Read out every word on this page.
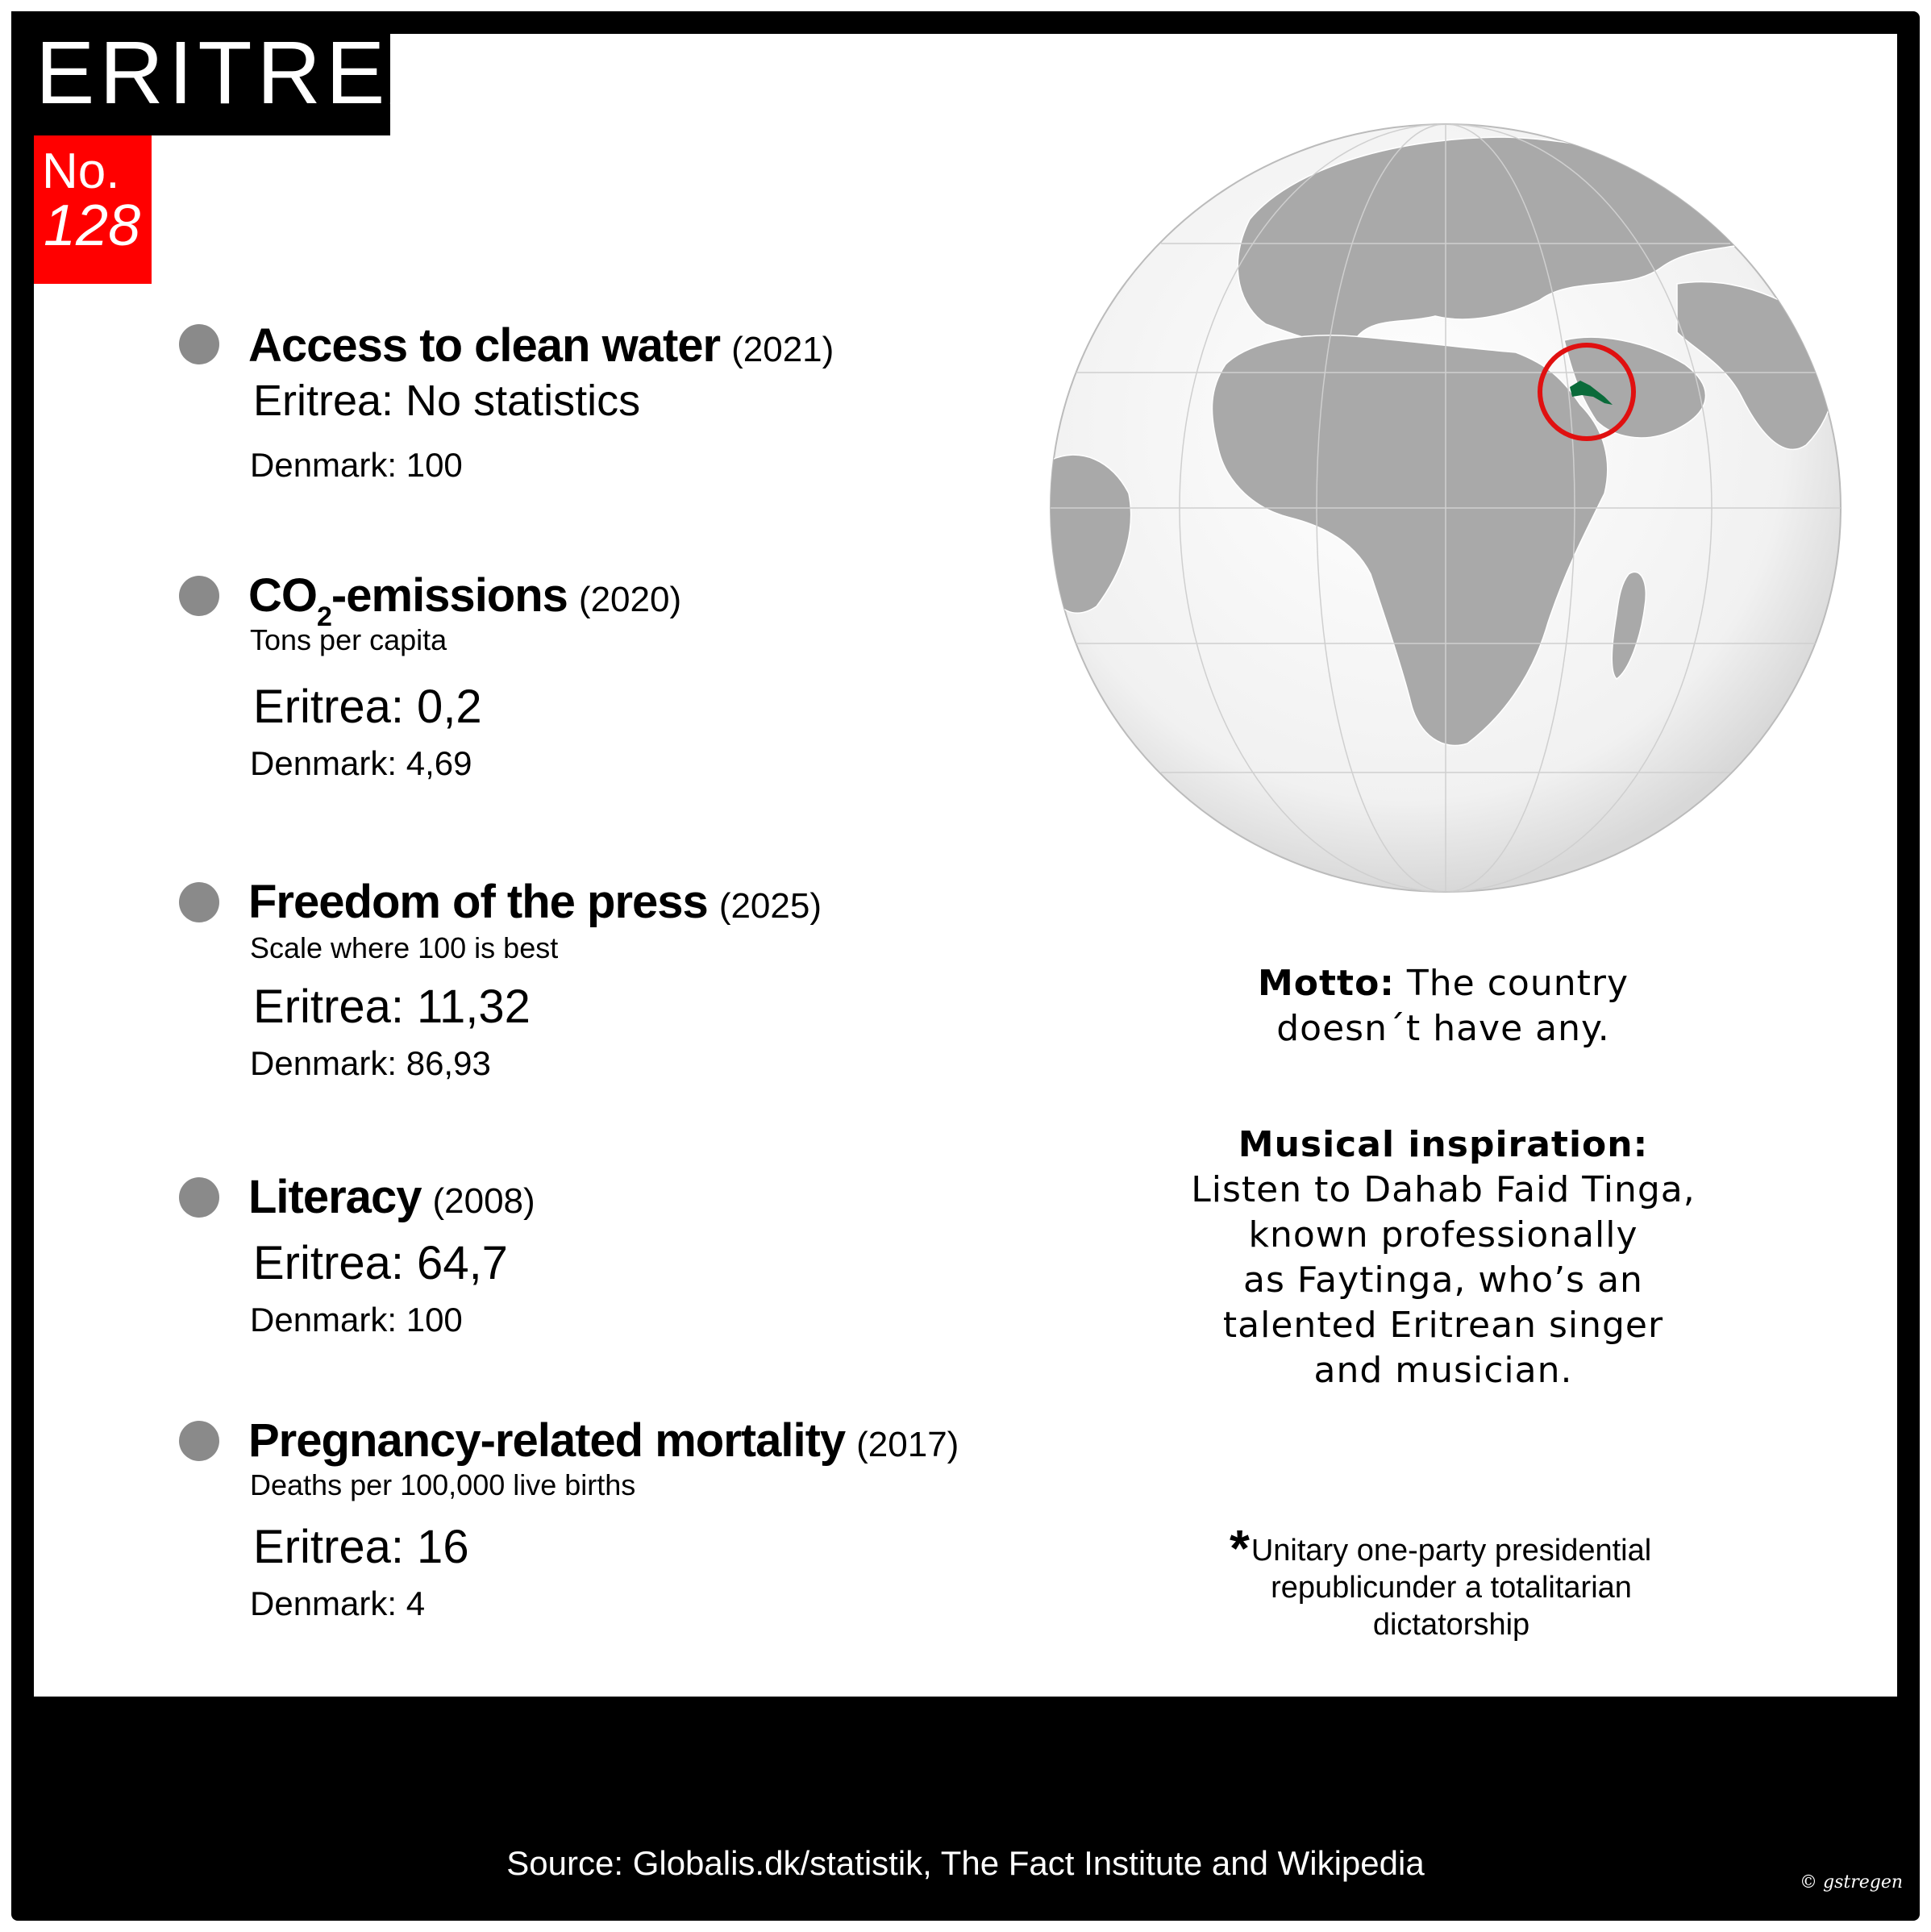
ERITREA
No.
128
Access to clean water (2021)
Eritrea: No statistics
Denmark: 100
$CO_2$-emissions (2020)
Tons per capita
Eritrea: 0,2
Denmark: 4,69
Freedom of the press (2025)
Scale where 100 is best
Eritrea: 11,32
Denmark: 86,93
Literacy (2008)
Eritrea: 64,7
Denmark: 100
Pregnancy-related mortality (2017)
Deaths per 100,000 live births
Eritrea: 16
Denmark: 4
Motto: The country
doesn´t have any.
Musical inspiration:
Listen to Dahab Faid Tinga,
known professionally
as Faytinga, who’s an
talented Eritrean singer
and musician.
* Unitary one-party presidential
republicunder a totalitarian
dictatorship
Source: Globalis.dk/statistik, The Fact Institute and Wikipedia
© gstregen
